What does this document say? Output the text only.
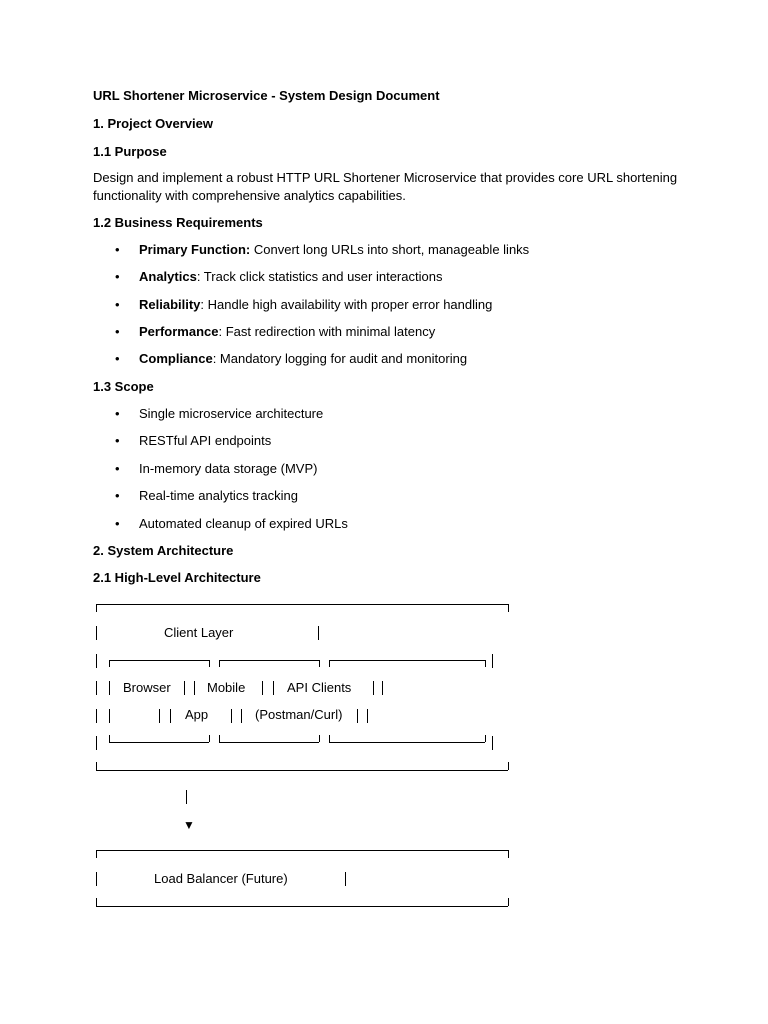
URL Shortener Microservice - System Design Document
1. Project Overview
1.1 Purpose
Design and implement a robust HTTP URL Shortener Microservice that provides core URL shortening functionality with comprehensive analytics capabilities.
1.2 Business Requirements
• Primary Function: Convert long URLs into short, manageable links
• Analytics: Track click statistics and user interactions
• Reliability: Handle high availability with proper error handling
• Performance: Fast redirection with minimal latency
• Compliance: Mandatory logging for audit and monitoring
1.3 Scope
• Single microservice architecture
• RESTful API endpoints
• In-memory data storage (MVP)
• Real-time analytics tracking
• Automated cleanup of expired URLs
2. System Architecture
2.1 High-Level Architecture
Client Layer
Browser	Mobile	API Clients
App	(Postman/Curl)
▼
Load Balancer (Future)
